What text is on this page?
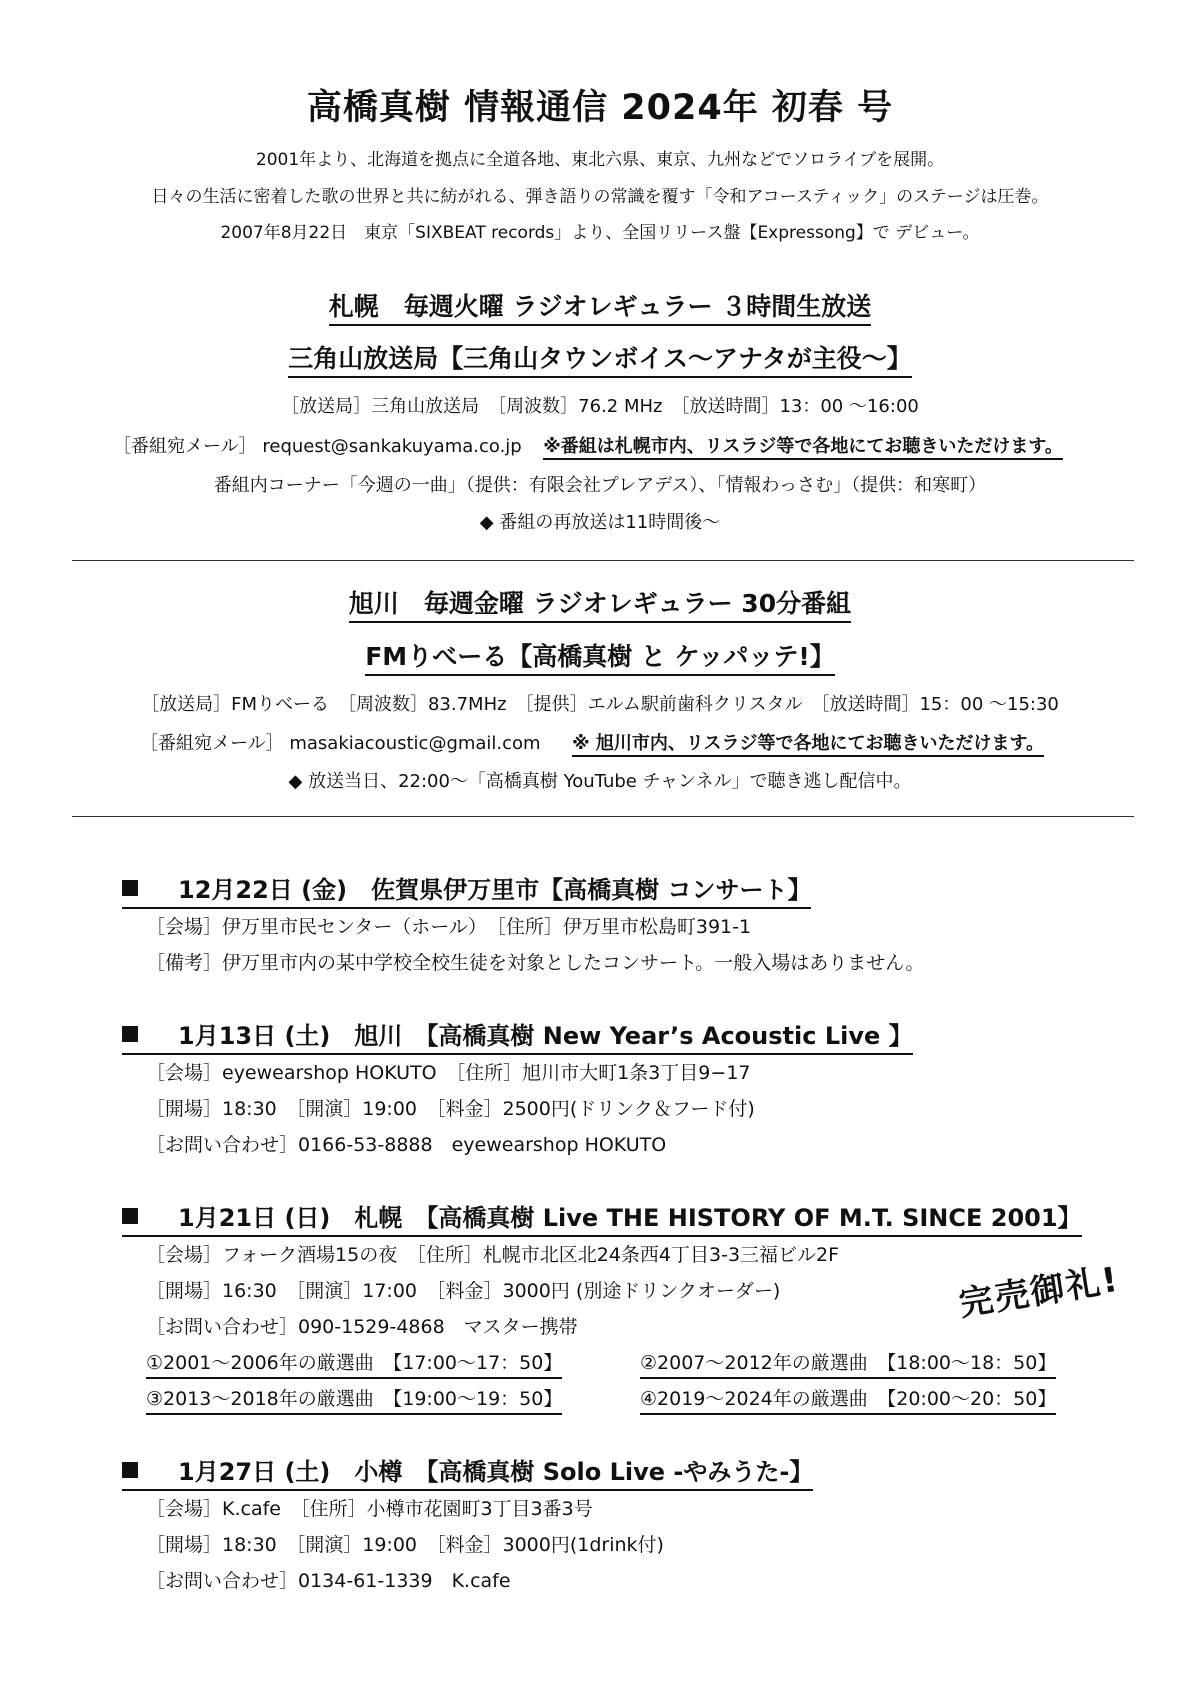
高橋真樹 情報通信 2024年 初春 号
2001年より、北海道を拠点に全道各地、東北六県、東京、九州などでソロライブを展開。
日々の生活に密着した歌の世界と共に紡がれる、弾き語りの常識を覆す「令和アコースティック」のステージは圧巻。
2007年8月22日　東京「SIXBEAT records」より、全国リリース盤【Expressong】で デビュー。
札幌　毎週火曜 ラジオレギュラー ３時間生放送
三角山放送局【三角山タウンボイス～アナタが主役～】
［放送局］三角山放送局　［周波数］76.2 MHz　［放送時間］13：00 ～16:00
［番組宛メール］ request@sankakuyama.co.jp ※番組は札幌市内、リスラジ等で各地にてお聴きいただけます。
番組内コーナー「今週の一曲」（提供：有限会社プレアデス）、「情報わっさむ」（提供：和寒町）
◆ 番組の再放送は11時間後～
旭川　毎週金曜 ラジオレギュラー 30分番組
FMりべーる【高橋真樹 と ケッパッテ!】
［放送局］FMりべーる　［周波数］83.7MHz　［提供］エルム駅前歯科クリスタル　［放送時間］15：00 ～15:30
［番組宛メール］ masakiacoustic@gmail.com ※ 旭川市内、リスラジ等で各地にてお聴きいただけます。
◆ 放送当日、22:00～「高橋真樹 YouTube チャンネル」で聴き逃し配信中。
12月22日 (金)　佐賀県伊万里市【高橋真樹 コンサート】
［会場］伊万里市民センター（ホール）　［住所］伊万里市松島町391-1
［備考］伊万里市内の某中学校全校生徒を対象としたコンサート。一般入場はありません。
1月13日 (土)　旭川　【高橋真樹 New Year’s Acoustic Live 】
［会場］eyewearshop HOKUTO　［住所］旭川市大町1条3丁目9−17
［開場］18:30　［開演］19:00　［料金］2500円(ドリンク＆フード付)
［お問い合わせ］0166-53-8888　eyewearshop HOKUTO
1月21日 (日)　札幌　【高橋真樹 Live THE HISTORY OF M.T. SINCE 2001】
［会場］フォーク酒場15の夜　［住所］札幌市北区北24条西4丁目3-3三福ビル2F
［開場］16:30　［開演］17:00　［料金］3000円 (別途ドリンクオーダー)
［お問い合わせ］090-1529-4868　マスター携帯
①2001～2006年の厳選曲　【17:00～17：50】	②2007～2012年の厳選曲　【18:00～18：50】
③2013～2018年の厳選曲　【19:00～19：50】	④2019～2024年の厳選曲　【20:00～20：50】
完売御礼!
1月27日 (土)　小樽　【高橋真樹 Solo Live -やみうた-】
［会場］K.cafe　［住所］小樽市花園町3丁目3番3号
［開場］18:30　［開演］19:00　［料金］3000円(1drink付)
［お問い合わせ］0134-61-1339　K.cafe
